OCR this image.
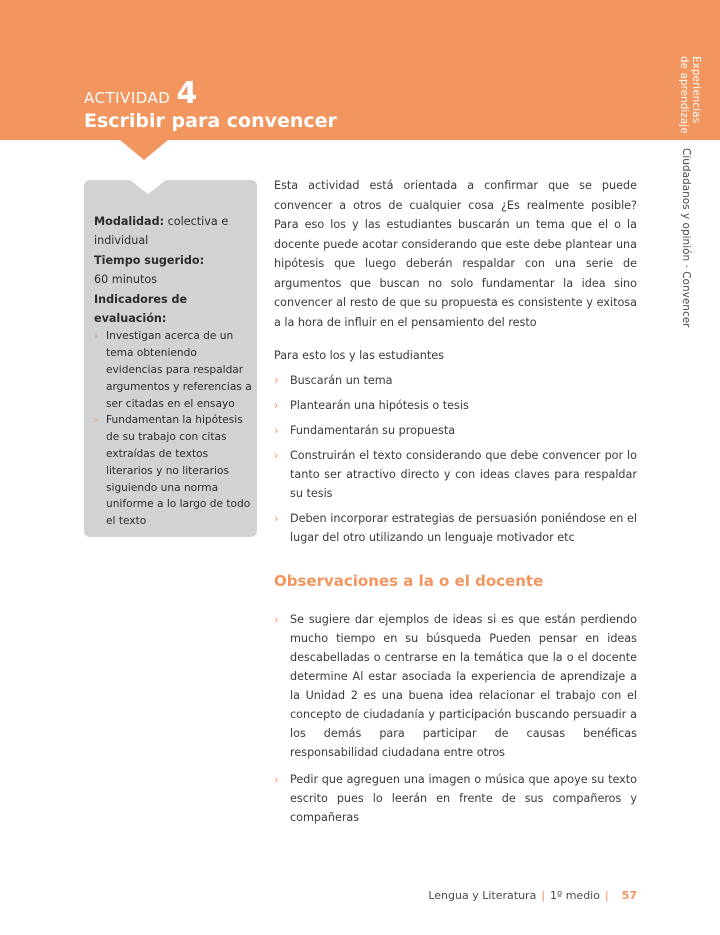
ACTIVIDAD 4
Escribir para convencer	Experiencias
de aprendizaje
Ciudadanos y opinión · Convencer

Modalidad: colectiva e individual

Tiempo sugerido:

60 minutos

Indicadores de evaluación:

› Investigan acerca de un tema obteniendo evidencias para respaldar argumentos y referencias a ser citadas en el ensayo
› Fundamentan la hipótesis de su trabajo con citas extraídas de textos literarios y no literarios siguiendo una norma uniforme a lo largo de todo el texto

Esta actividad está orientada a confirmar que se puede convencer a otros de cualquier cosa ¿Es realmente posible? Para eso los y las estudiantes buscarán un tema que el o la docente puede acotar considerando que este debe plantear una hipótesis que luego deberán respaldar con una serie de argumentos que buscan no solo fundamentar la idea sino convencer al resto de que su propuesta es consistente y exitosa a la hora de influir en el pensamiento del resto

Para esto los y las estudiantes

› Buscarán un tema
› Plantearán una hipótesis o tesis
› Fundamentarán su propuesta
› Construirán el texto considerando que debe convencer por lo tanto ser atractivo directo y con ideas claves para respaldar su tesis
› Deben incorporar estrategias de persuasión poniéndose en el lugar del otro utilizando un lenguaje motivador etc
Observaciones a la o el docente
› Se sugiere dar ejemplos de ideas si es que están perdiendo mucho tiempo en su búsqueda Pueden pensar en ideas descabelladas o centrarse en la temática que la o el docente determine Al estar asociada la experiencia de aprendizaje a la Unidad 2 es una buena idea relacionar el trabajo con el concepto de ciudadanía y participación buscando persuadir a los demás para participar de causas benéficas responsabilidad ciudadana entre otros
› Pedir que agreguen una imagen o música que apoye su texto escrito pues lo leerán en frente de sus compañeros y compañeras
Lengua y Literatura | 1º medio | 57
